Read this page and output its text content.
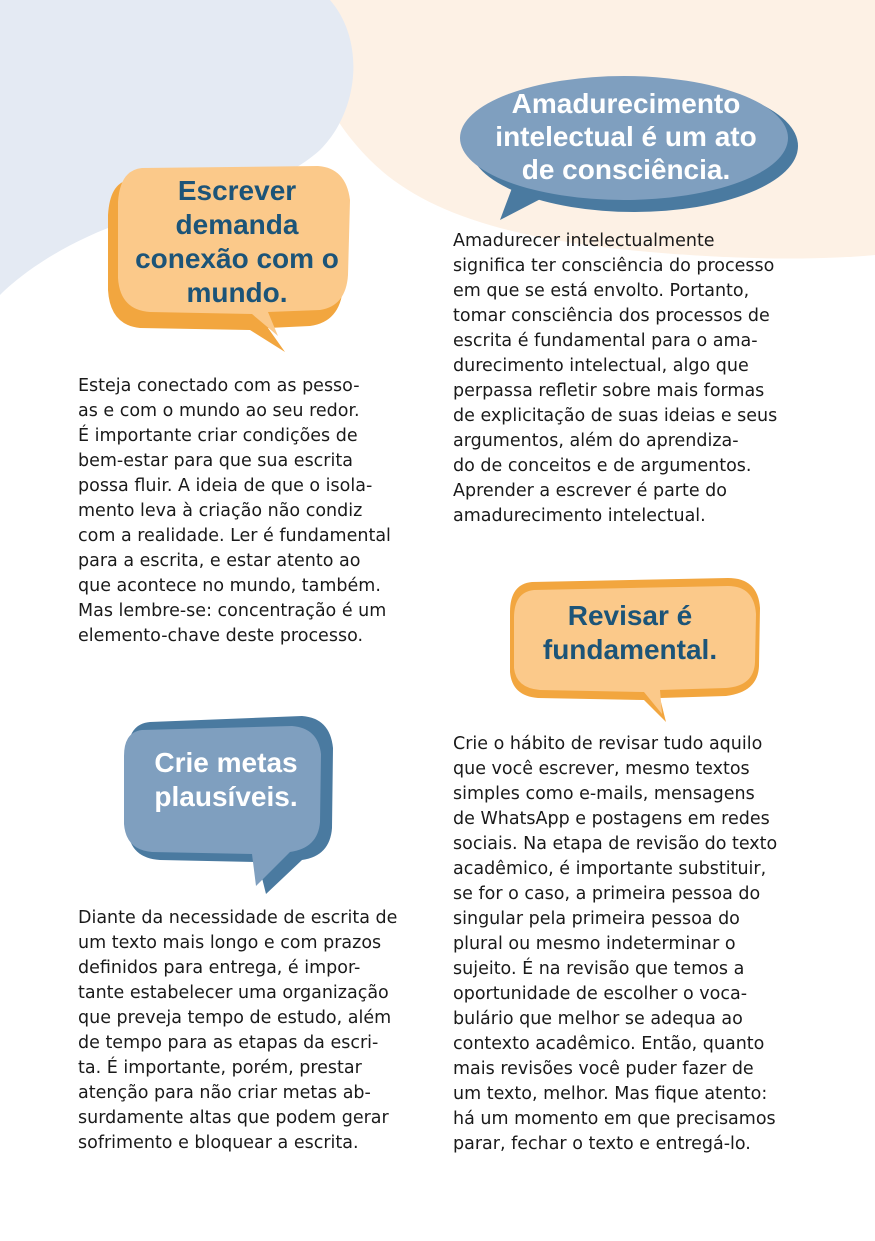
Escrever demanda conexão com o mundo.
Amadurecimento intelectual é um ato de consciência.
Crie metas plausíveis.
Revisar é fundamental.
Esteja conectado com as pesso-
as e com o mundo ao seu redor.
É importante criar condições de
bem-estar para que sua escrita
possa fluir. A ideia de que o isola-
mento leva à criação não condiz
com a realidade. Ler é fundamental
para a escrita, e estar atento ao
que acontece no mundo, também.
Mas lembre-se: concentração é um
elemento-chave deste processo.
Amadurecer intelectualmente
significa ter consciência do processo
em que se está envolto. Portanto,
tomar consciência dos processos de
escrita é fundamental para o ama-
durecimento intelectual, algo que
perpassa refletir sobre mais formas
de explicitação de suas ideias e seus
argumentos, além do aprendiza-
do de conceitos e de argumentos.
Aprender a escrever é parte do
amadurecimento intelectual.
Diante da necessidade de escrita de
um texto mais longo e com prazos
definidos para entrega, é impor-
tante estabelecer uma organização
que preveja tempo de estudo, além
de tempo para as etapas da escri-
ta. É importante, porém, prestar
atenção para não criar metas ab-
surdamente altas que podem gerar
sofrimento e bloquear a escrita.
Crie o hábito de revisar tudo aquilo
que você escrever, mesmo textos
simples como e-mails, mensagens
de WhatsApp e postagens em redes
sociais. Na etapa de revisão do texto
acadêmico, é importante substituir,
se for o caso, a primeira pessoa do
singular pela primeira pessoa do
plural ou mesmo indeterminar o
sujeito. É na revisão que temos a
oportunidade de escolher o voca-
bulário que melhor se adequa ao
contexto acadêmico. Então, quanto
mais revisões você puder fazer de
um texto, melhor. Mas fique atento:
há um momento em que precisamos
parar, fechar o texto e entregá-lo.
